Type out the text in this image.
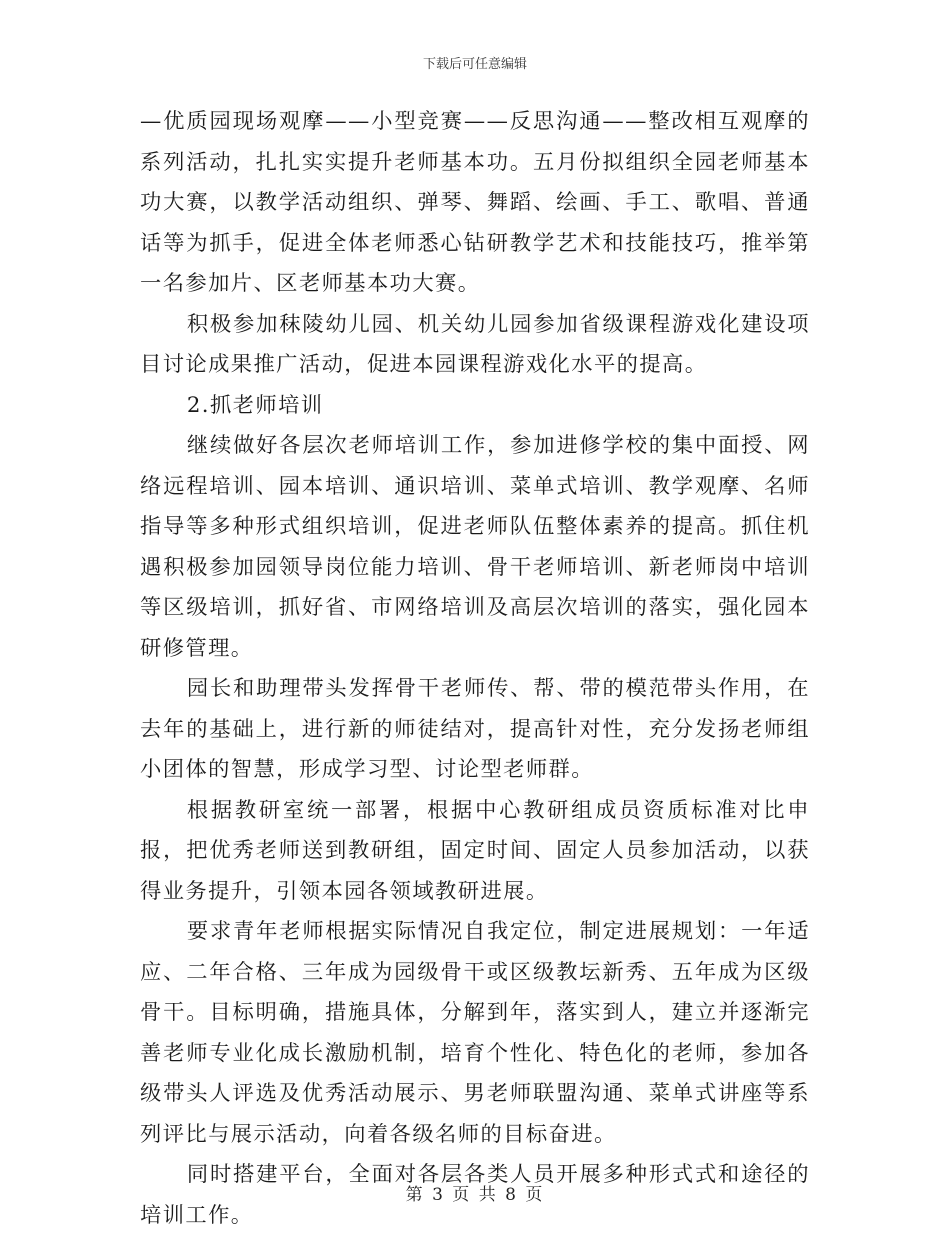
下载后可任意编辑

—优质园现场观摩——小型竞赛——反思沟通——整改相互观摩的系列活动，扎扎实实提升老师基本功。五月份拟组织全园老师基本功大赛，以教学活动组织、弹琴、舞蹈、绘画、手工、歌唱、普通话等为抓手，促进全体老师悉心钻研教学艺术和技能技巧，推举第一名参加片、区老师基本功大赛。

积极参加秣陵幼儿园、机关幼儿园参加省级课程游戏化建设项目讨论成果推广活动，促进本园课程游戏化水平的提高。

2.抓老师培训

继续做好各层次老师培训工作，参加进修学校的集中面授、网络远程培训、园本培训、通识培训、菜单式培训、教学观摩、名师指导等多种形式组织培训，促进老师队伍整体素养的提高。抓住机遇积极参加园领导岗位能力培训、骨干老师培训、新老师岗中培训等区级培训，抓好省、市网络培训及高层次培训的落实，强化园本研修管理。

园长和助理带头发挥骨干老师传、帮、带的模范带头作用，在去年的基础上，进行新的师徒结对，提高针对性，充分发扬老师组小团体的智慧，形成学习型、讨论型老师群。

根据教研室统一部署，根据中心教研组成员资质标准对比申报，把优秀老师送到教研组，固定时间、固定人员参加活动，以获得业务提升，引领本园各领域教研进展。

要求青年老师根据实际情况自我定位，制定进展规划：一年适应、二年合格、三年成为园级骨干或区级教坛新秀、五年成为区级骨干。目标明确，措施具体，分解到年，落实到人，建立并逐渐完善老师专业化成长激励机制，培育个性化、特色化的老师，参加各级带头人评选及优秀活动展示、男老师联盟沟通、菜单式讲座等系列评比与展示活动，向着各级名师的目标奋进。

同时搭建平台，全面对各层各类人员开展多种形式式和途径的培训工作。

第 3 页 共 8 页
